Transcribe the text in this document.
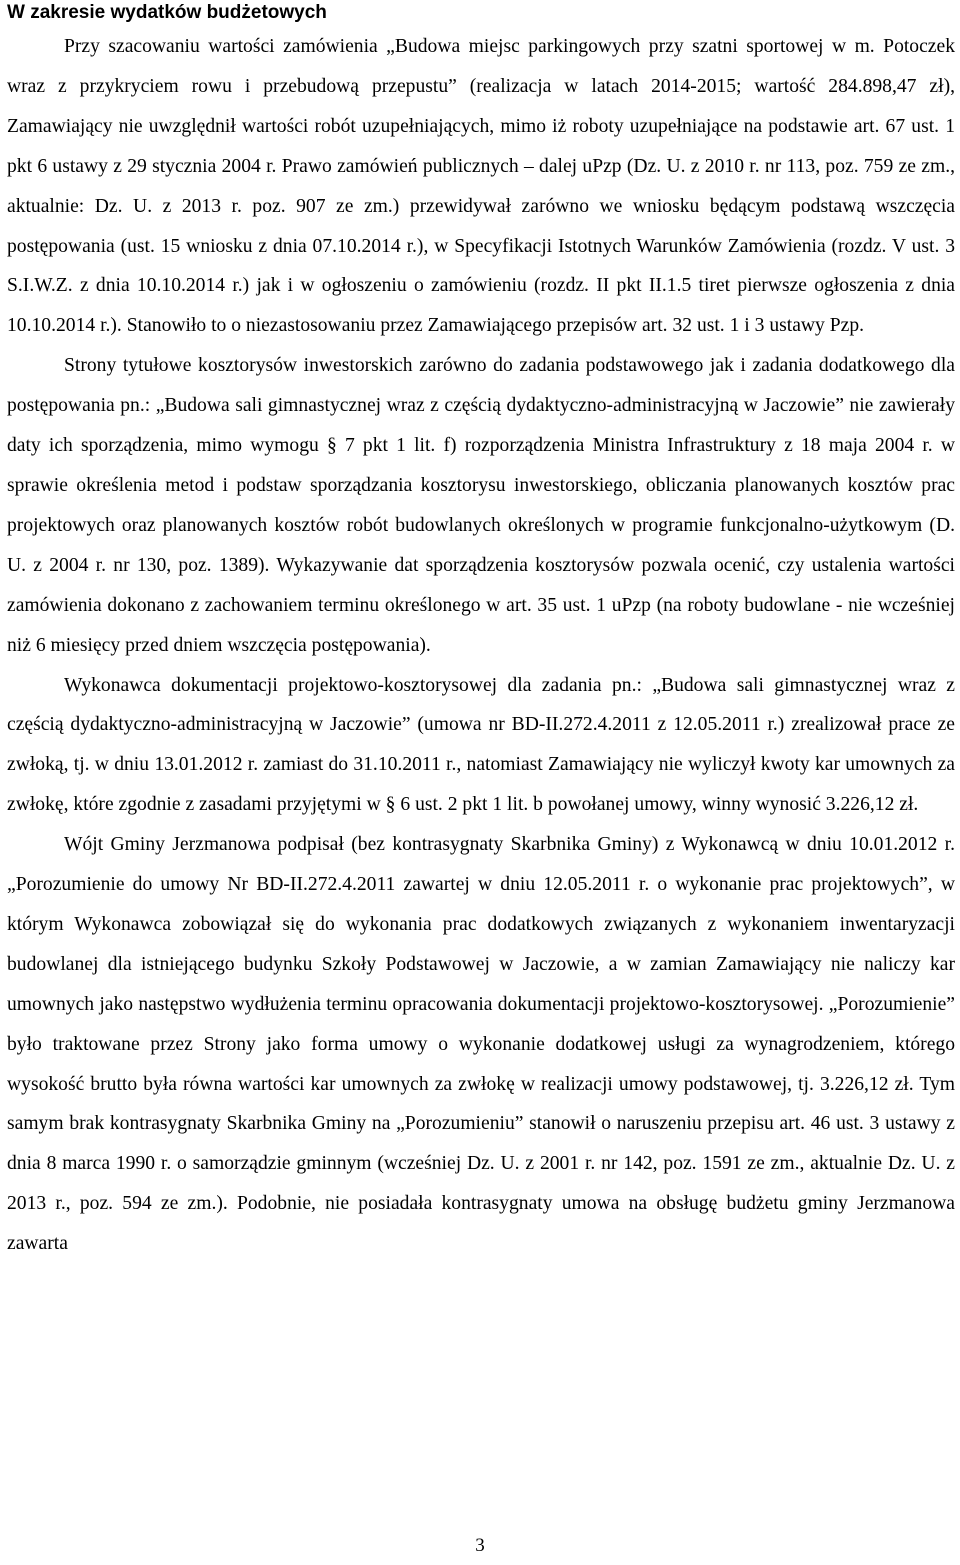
W zakresie wydatków budżetowych

Przy szacowaniu wartości zamówienia „Budowa miejsc parkingowych przy szatni sportowej w m. Potoczek wraz z przykryciem rowu i przebudową przepustu” (realizacja w latach 2014-2015; wartość 284.898,47 zł), Zamawiający nie uwzględnił wartości robót uzupełniających, mimo iż roboty uzupełniające na podstawie art. 67 ust. 1 pkt 6 ustawy z 29 stycznia 2004 r. Prawo zamówień publicznych – dalej uPzp (Dz. U. z 2010 r. nr 113, poz. 759 ze zm., aktualnie: Dz. U. z 2013 r. poz. 907 ze zm.) przewidywał zarówno we wniosku będącym podstawą wszczęcia postępowania (ust. 15 wniosku z dnia 07.10.2014 r.), w Specyfikacji Istotnych Warunków Zamówienia (rozdz. V ust. 3 S.I.W.Z. z dnia 10.10.2014 r.) jak i w ogłoszeniu o zamówieniu (rozdz. II pkt II.1.5 tiret pierwsze ogłoszenia z dnia 10.10.2014 r.). Stanowiło to o niezastosowaniu przez Zamawiającego przepisów art. 32 ust. 1 i 3 ustawy Pzp.

Strony tytułowe kosztorysów inwestorskich zarówno do zadania podstawowego jak i zadania dodatkowego dla postępowania pn.: „Budowa sali gimnastycznej wraz z częścią dydaktyczno-administracyjną w Jaczowie” nie zawierały daty ich sporządzenia, mimo wymogu § 7 pkt 1 lit. f) rozporządzenia Ministra Infrastruktury z 18 maja 2004 r. w sprawie określenia metod i podstaw sporządzania kosztorysu inwestorskiego, obliczania planowanych kosztów prac projektowych oraz planowanych kosztów robót budowlanych określonych w programie funkcjonalno-użytkowym (D. U. z 2004 r. nr 130, poz. 1389). Wykazywanie dat sporządzenia kosztorysów pozwala ocenić, czy ustalenia wartości zamówienia dokonano z zachowaniem terminu określonego w art. 35 ust. 1 uPzp (na roboty budowlane - nie wcześniej niż 6 miesięcy przed dniem wszczęcia postępowania).

Wykonawca dokumentacji projektowo-kosztorysowej dla zadania pn.: „Budowa sali gimnastycznej wraz z częścią dydaktyczno-administracyjną w Jaczowie” (umowa nr BD-II.272.4.2011 z 12.05.2011 r.) zrealizował prace ze zwłoką, tj. w dniu 13.01.2012 r. zamiast do 31.10.2011 r., natomiast Zamawiający nie wyliczył kwoty kar umownych za zwłokę, które zgodnie z zasadami przyjętymi w § 6 ust. 2 pkt 1 lit. b powołanej umowy, winny wynosić 3.226,12 zł.

Wójt Gminy Jerzmanowa podpisał (bez kontrasygnaty Skarbnika Gminy) z Wykonawcą w dniu 10.01.2012 r. „Porozumienie do umowy Nr BD-II.272.4.2011 zawartej w dniu 12.05.2011 r. o wykonanie prac projektowych”, w którym Wykonawca zobowiązał się do wykonania prac dodatkowych związanych z wykonaniem inwentaryzacji budowlanej dla istniejącego budynku Szkoły Podstawowej w Jaczowie, a w zamian Zamawiający nie naliczy kar umownych jako następstwo wydłużenia terminu opracowania dokumentacji projektowo-kosztorysowej. „Porozumienie” było traktowane przez Strony jako forma umowy o wykonanie dodatkowej usługi za wynagrodzeniem, którego wysokość brutto była równa wartości kar umownych za zwłokę w realizacji umowy podstawowej, tj. 3.226,12 zł. Tym samym brak kontrasygnaty Skarbnika Gminy na „Porozumieniu” stanowił o naruszeniu przepisu art. 46 ust. 3 ustawy z dnia 8 marca 1990 r. o samorządzie gminnym (wcześniej Dz. U. z 2001 r. nr 142, poz. 1591 ze zm., aktualnie Dz. U. z 2013 r., poz. 594 ze zm.). Podobnie, nie posiadała kontrasygnaty umowa na obsługę budżetu gminy Jerzmanowa zawarta

3
